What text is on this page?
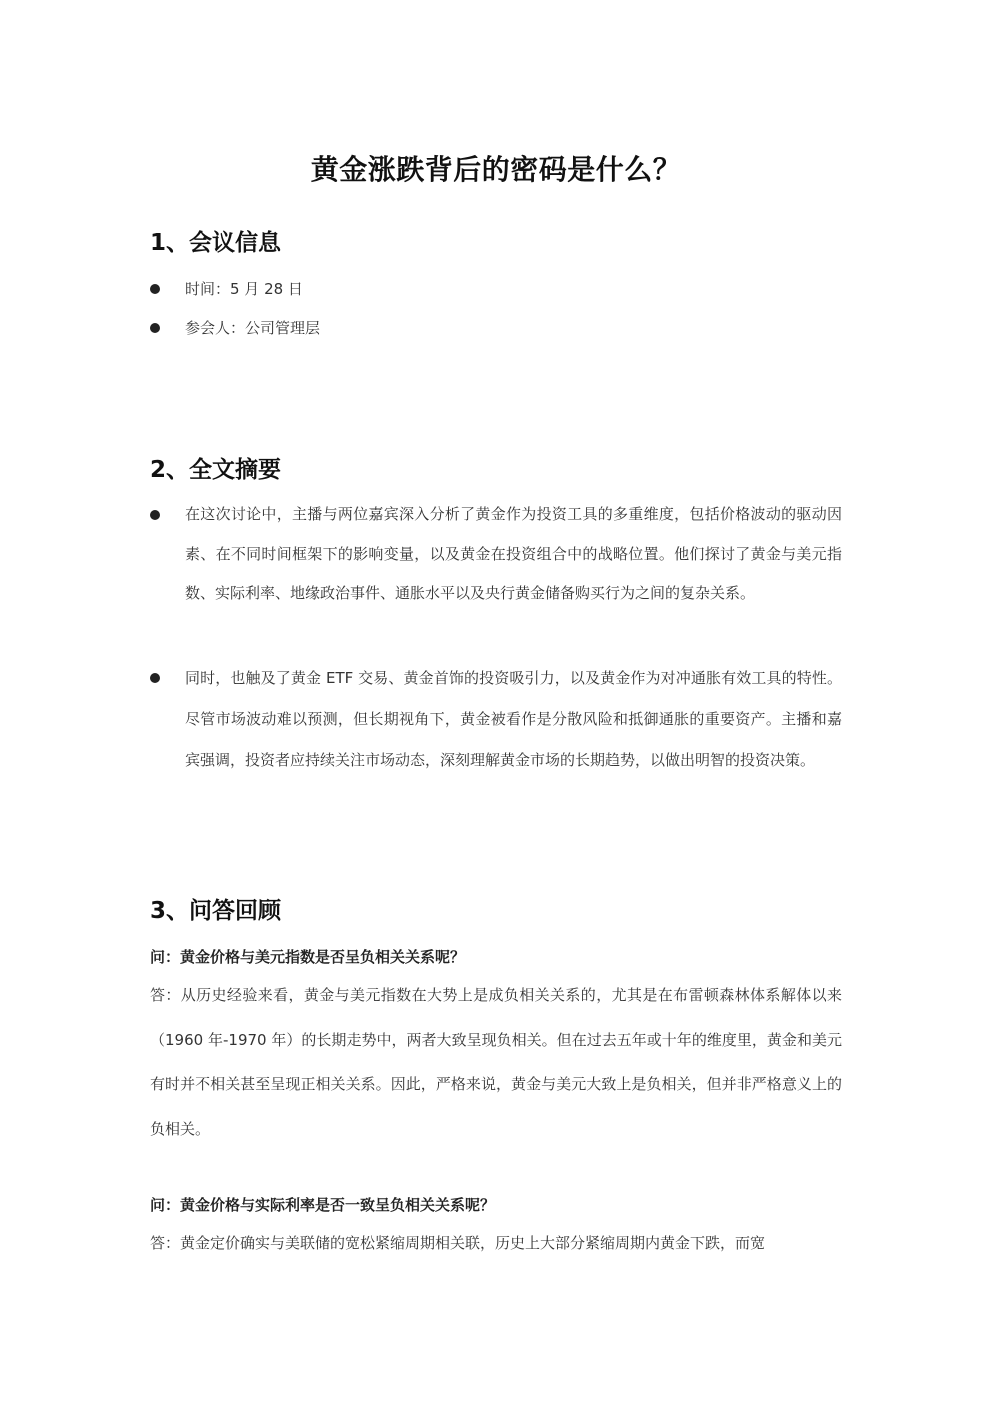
黄金涨跌背后的密码是什么？
1、会议信息
时间：5 月 28 日
参会人：公司管理层
2、全文摘要
在这次讨论中，主播与两位嘉宾深入分析了黄金作为投资工具的多重维度，包括价格波动的驱动因素、在不同时间框架下的影响变量，以及黄金在投资组合中的战略位置。他们探讨了黄金与美元指数、实际利率、地缘政治事件、通胀水平以及央行黄金储备购买行为之间的复杂关系。
同时，也触及了黄金 ETF 交易、黄金首饰的投资吸引力，以及黄金作为对冲通胀有效工具的特性。尽管市场波动难以预测，但长期视角下，黄金被看作是分散风险和抵御通胀的重要资产。主播和嘉宾强调，投资者应持续关注市场动态，深刻理解黄金市场的长期趋势，以做出明智的投资决策。
3、问答回顾
问：黄金价格与美元指数是否呈负相关关系呢？
答：从历史经验来看，黄金与美元指数在大势上是成负相关关系的，尤其是在布雷顿森林体系解体以来（1960 年-1970 年）的长期走势中，两者大致呈现负相关。但在过去五年或十年的维度里，黄金和美元有时并不相关甚至呈现正相关关系。因此，严格来说，黄金与美元大致上是负相关，但并非严格意义上的负相关。
问：黄金价格与实际利率是否一致呈负相关关系呢？
答：黄金定价确实与美联储的宽松紧缩周期相关联，历史上大部分紧缩周期内黄金下跌，而宽
